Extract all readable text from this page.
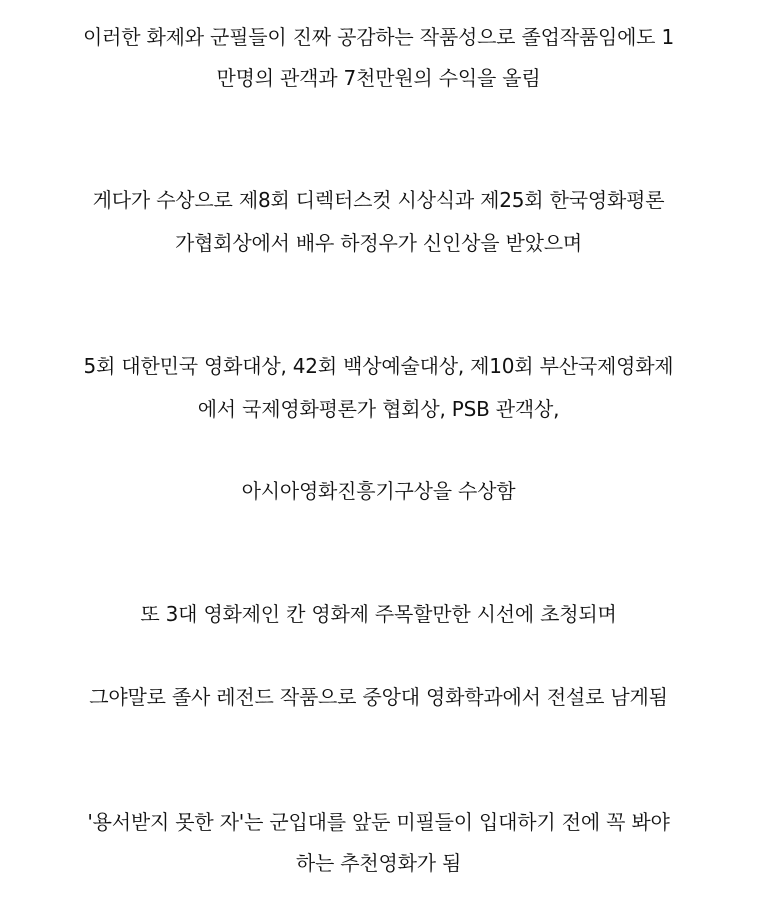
이러한 화제와 군필들이 진짜 공감하는 작품성으로 졸업작품임에도 1
만명의 관객과 7천만원의 수익을 올림
게다가 수상으로 제8회 디렉터스컷 시상식과 제25회 한국영화평론
가협회상에서 배우 하정우가 신인상을 받았으며
5회 대한민국 영화대상, 42회 백상예술대상, 제10회 부산국제영화제
에서 국제영화평론가 협회상, PSB 관객상,
아시아영화진흥기구상을 수상함
또 3대 영화제인 칸 영화제 주목할만한 시선에 초청되며
그야말로 졸사 레전드 작품으로 중앙대 영화학과에서 전설로 남게됨
'용서받지 못한 자'는 군입대를 앞둔 미필들이 입대하기 전에 꼭 봐야
하는 추천영화가 됨
